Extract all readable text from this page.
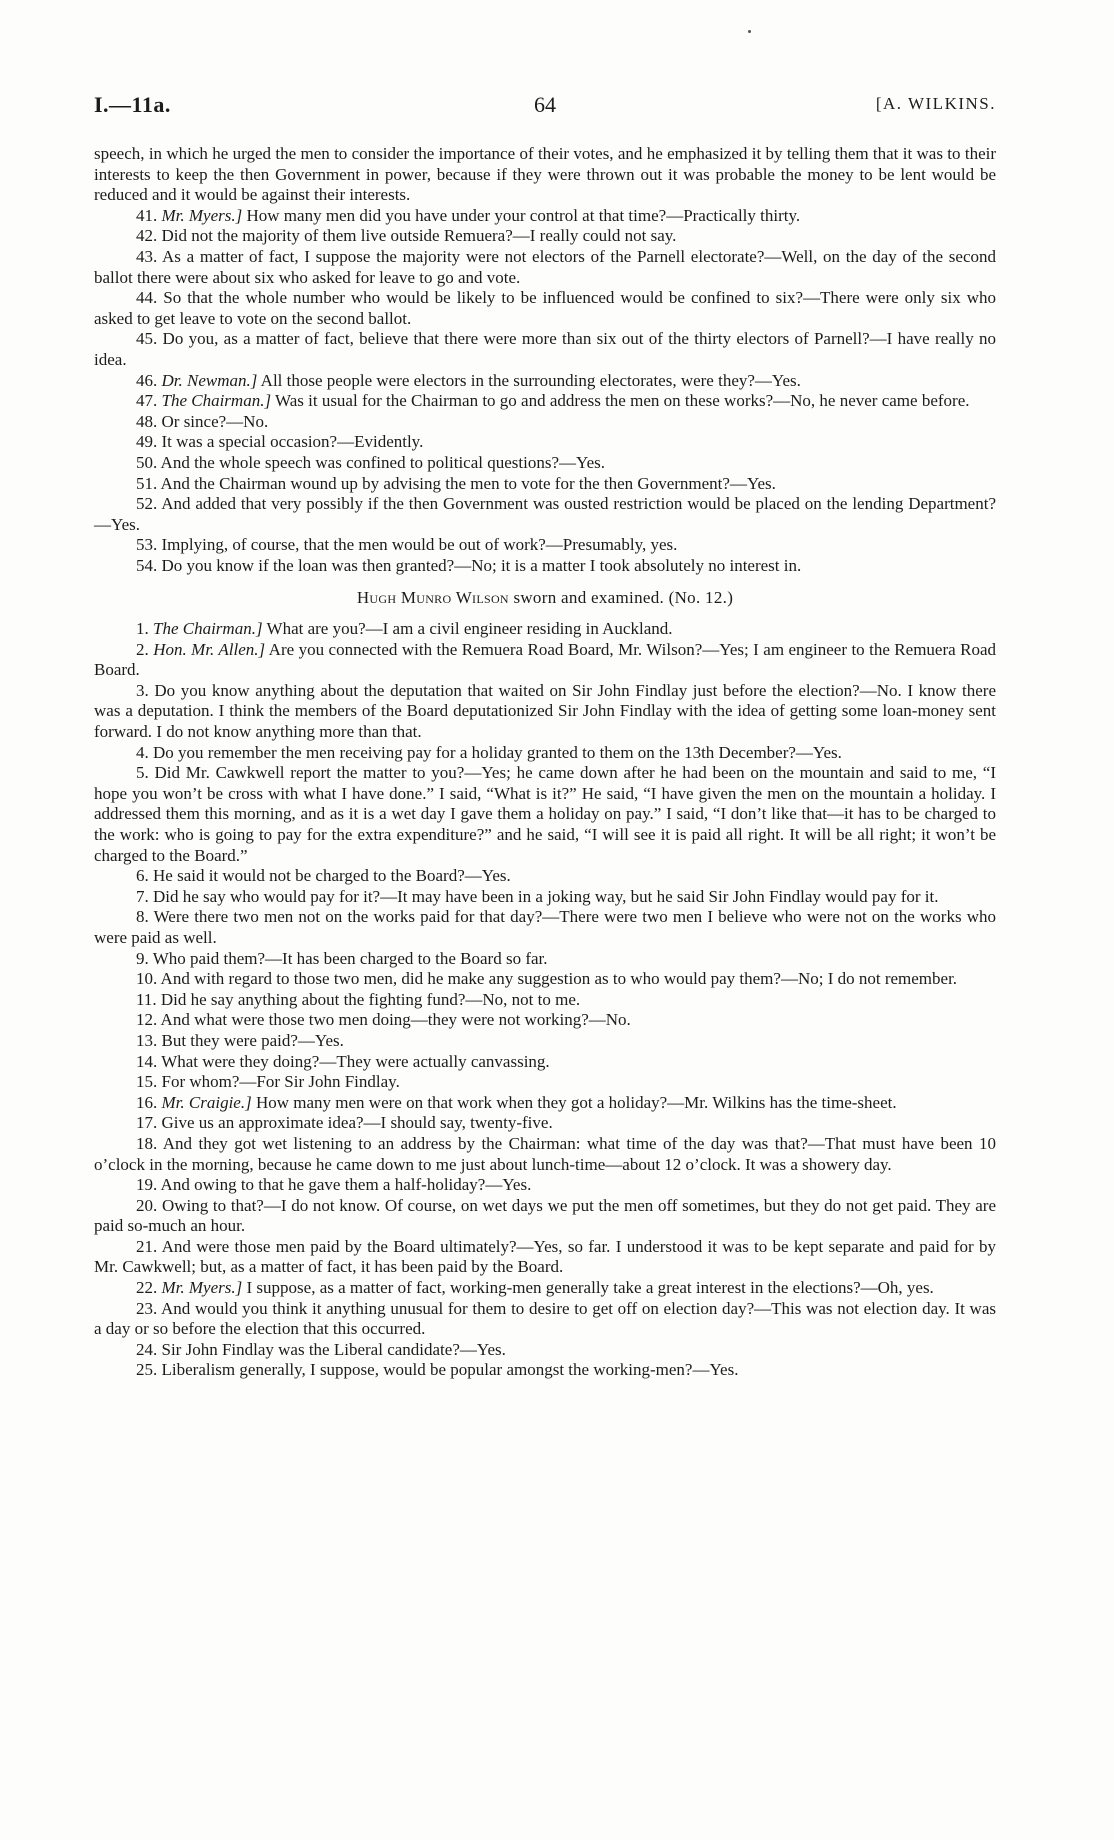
I.—11a.	64	[A. WILKINS.

speech, in which he urged the men to consider the importance of their votes, and he emphasized it by telling them that it was to their interests to keep the then Government in power, because if they were thrown out it was probable the money to be lent would be reduced and it would be against their interests.

41. Mr. Myers.] How many men did you have under your control at that time?—Practically thirty.

42. Did not the majority of them live outside Remuera?—I really could not say.

43. As a matter of fact, I suppose the majority were not electors of the Parnell electorate?—Well, on the day of the second ballot there were about six who asked for leave to go and vote.

44. So that the whole number who would be likely to be influenced would be confined to six?—There were only six who asked to get leave to vote on the second ballot.

45. Do you, as a matter of fact, believe that there were more than six out of the thirty electors of Parnell?—I have really no idea.

46. Dr. Newman.] All those people were electors in the surrounding electorates, were they?—Yes.

47. The Chairman.] Was it usual for the Chairman to go and address the men on these works?—No, he never came before.

48. Or since?—No.

49. It was a special occasion?—Evidently.

50. And the whole speech was confined to political questions?—Yes.

51. And the Chairman wound up by advising the men to vote for the then Government?—Yes.

52. And added that very possibly if the then Government was ousted restriction would be placed on the lending Department?—Yes.

53. Implying, of course, that the men would be out of work?—Presumably, yes.

54. Do you know if the loan was then granted?—No; it is a matter I took absolutely no interest in.

Hugh Munro Wilson sworn and examined. (No. 12.)

1. The Chairman.] What are you?—I am a civil engineer residing in Auckland.

2. Hon. Mr. Allen.] Are you connected with the Remuera Road Board, Mr. Wilson?—Yes; I am engineer to the Remuera Road Board.

3. Do you know anything about the deputation that waited on Sir John Findlay just before the election?—No. I know there was a deputation. I think the members of the Board deputationized Sir John Findlay with the idea of getting some loan-money sent forward. I do not know anything more than that.

4. Do you remember the men receiving pay for a holiday granted to them on the 13th December?—Yes.

5. Did Mr. Cawkwell report the matter to you?—Yes; he came down after he had been on the mountain and said to me, “I hope you won’t be cross with what I have done.” I said, “What is it?” He said, “I have given the men on the mountain a holiday. I addressed them this morning, and as it is a wet day I gave them a holiday on pay.” I said, “I don’t like that—it has to be charged to the work: who is going to pay for the extra expenditure?” and he said, “I will see it is paid all right. It will be all right; it won’t be charged to the Board.”

6. He said it would not be charged to the Board?—Yes.

7. Did he say who would pay for it?—It may have been in a joking way, but he said Sir John Findlay would pay for it.

8. Were there two men not on the works paid for that day?—There were two men I believe who were not on the works who were paid as well.

9. Who paid them?—It has been charged to the Board so far.

10. And with regard to those two men, did he make any suggestion as to who would pay them?—No; I do not remember.

11. Did he say anything about the fighting fund?—No, not to me.

12. And what were those two men doing—they were not working?—No.

13. But they were paid?—Yes.

14. What were they doing?—They were actually canvassing.

15. For whom?—For Sir John Findlay.

16. Mr. Craigie.] How many men were on that work when they got a holiday?—Mr. Wilkins has the time-sheet.

17. Give us an approximate idea?—I should say, twenty-five.

18. And they got wet listening to an address by the Chairman: what time of the day was that?—That must have been 10 o’clock in the morning, because he came down to me just about lunch-time—about 12 o’clock. It was a showery day.

19. And owing to that he gave them a half-holiday?—Yes.

20. Owing to that?—I do not know. Of course, on wet days we put the men off sometimes, but they do not get paid. They are paid so-much an hour.

21. And were those men paid by the Board ultimately?—Yes, so far. I understood it was to be kept separate and paid for by Mr. Cawkwell; but, as a matter of fact, it has been paid by the Board.

22. Mr. Myers.] I suppose, as a matter of fact, working-men generally take a great interest in the elections?—Oh, yes.

23. And would you think it anything unusual for them to desire to get off on election day?—This was not election day. It was a day or so before the election that this occurred.

24. Sir John Findlay was the Liberal candidate?—Yes.

25. Liberalism generally, I suppose, would be popular amongst the working-men?—Yes.
